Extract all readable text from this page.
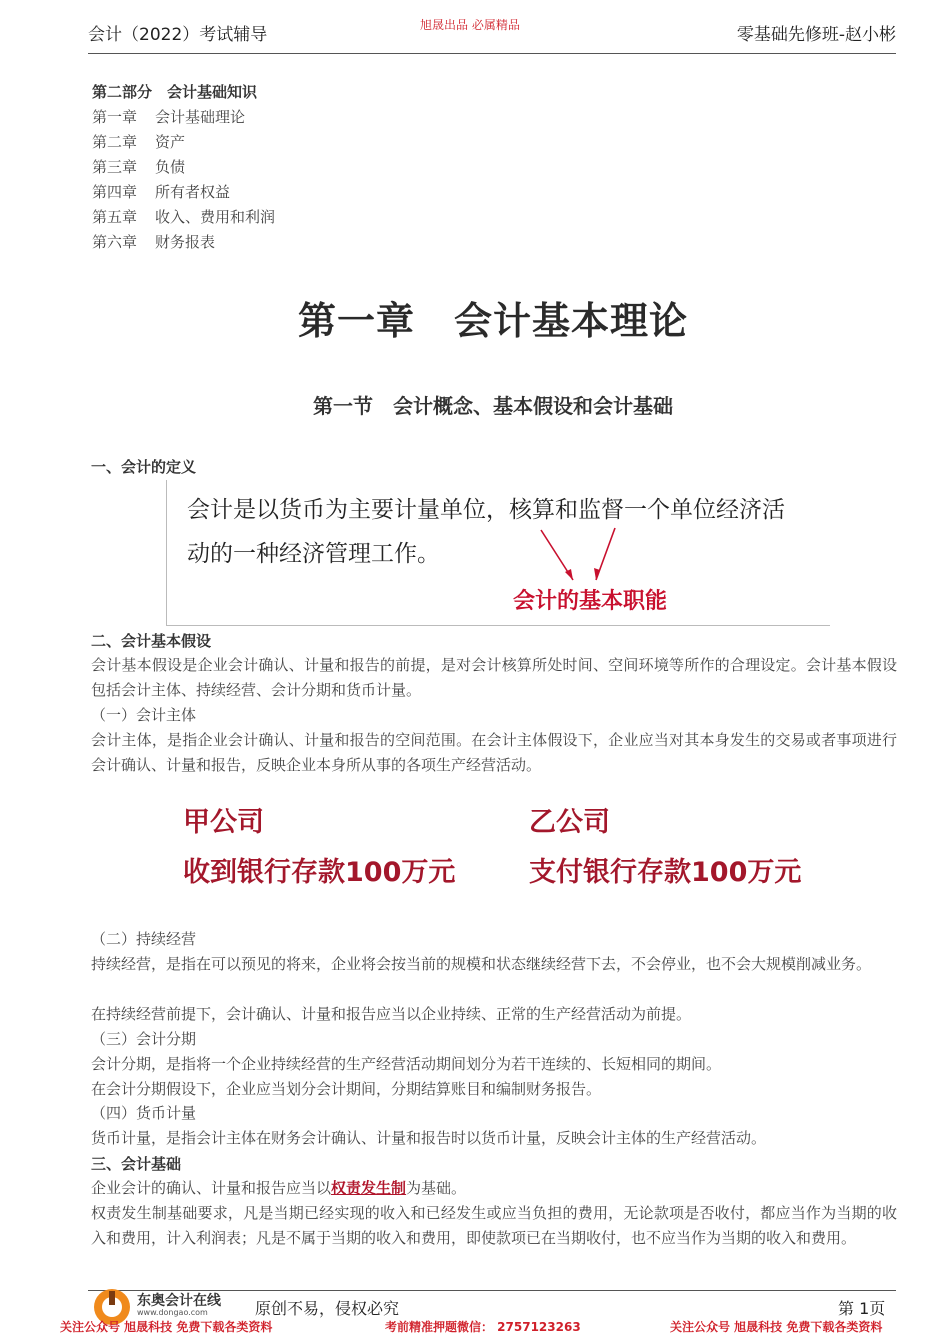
会计（2022）考试辅导	旭晟出品 必属精品	零基础先修班-赵小彬
第二部分　会计基础知识
第一章 会计基础理论
第二章 资产
第三章 负债
第四章 所有者权益
第五章 收入、费用和利润
第六章 财务报表
第一章　会计基本理论
第一节　会计概念、基本假设和会计基础
一、会计的定义
会计是以货币为主要计量单位，核算和监督一个单位经济活
动的一种经济管理工作。
会计的基本职能
二、会计基本假设
会计基本假设是企业会计确认、计量和报告的前提，是对会计核算所处时间、空间环境等所作的合理设定。会计基本假设包括会计主体、持续经营、会计分期和货币计量。
（一）会计主体
会计主体，是指企业会计确认、计量和报告的空间范围。在会计主体假设下，企业应当对其本身发生的交易或者事项进行会计确认、计量和报告，反映企业本身所从事的各项生产经营活动。
甲公司
收到银行存款100万元
乙公司
支付银行存款100万元
（二）持续经营
持续经营，是指在可以预见的将来，企业将会按当前的规模和状态继续经营下去，不会停业，也不会大规模削减业务。
在持续经营前提下，会计确认、计量和报告应当以企业持续、正常的生产经营活动为前提。
（三）会计分期
会计分期，是指将一个企业持续经营的生产经营活动期间划分为若干连续的、长短相同的期间。
在会计分期假设下，企业应当划分会计期间，分期结算账目和编制财务报告。
（四）货币计量
货币计量，是指会计主体在财务会计确认、计量和报告时以货币计量，反映会计主体的生产经营活动。
三、会计基础
企业会计的确认、计量和报告应当以权责发生制为基础。
权责发生制基础要求，凡是当期已经实现的收入和已经发生或应当负担的费用，无论款项是否收付，都应当作为当期的收入和费用，计入利润表；凡是不属于当期的收入和费用，即使款项已在当期收付，也不应当作为当期的收入和费用。
东奥会计在线
www.dongao.com	原创不易，侵权必究	第 1页
关注公众号 旭晟科技 免费下载各类资料	考前精准押题微信： 2757123263	关注公众号 旭晟科技 免费下载各类资料
